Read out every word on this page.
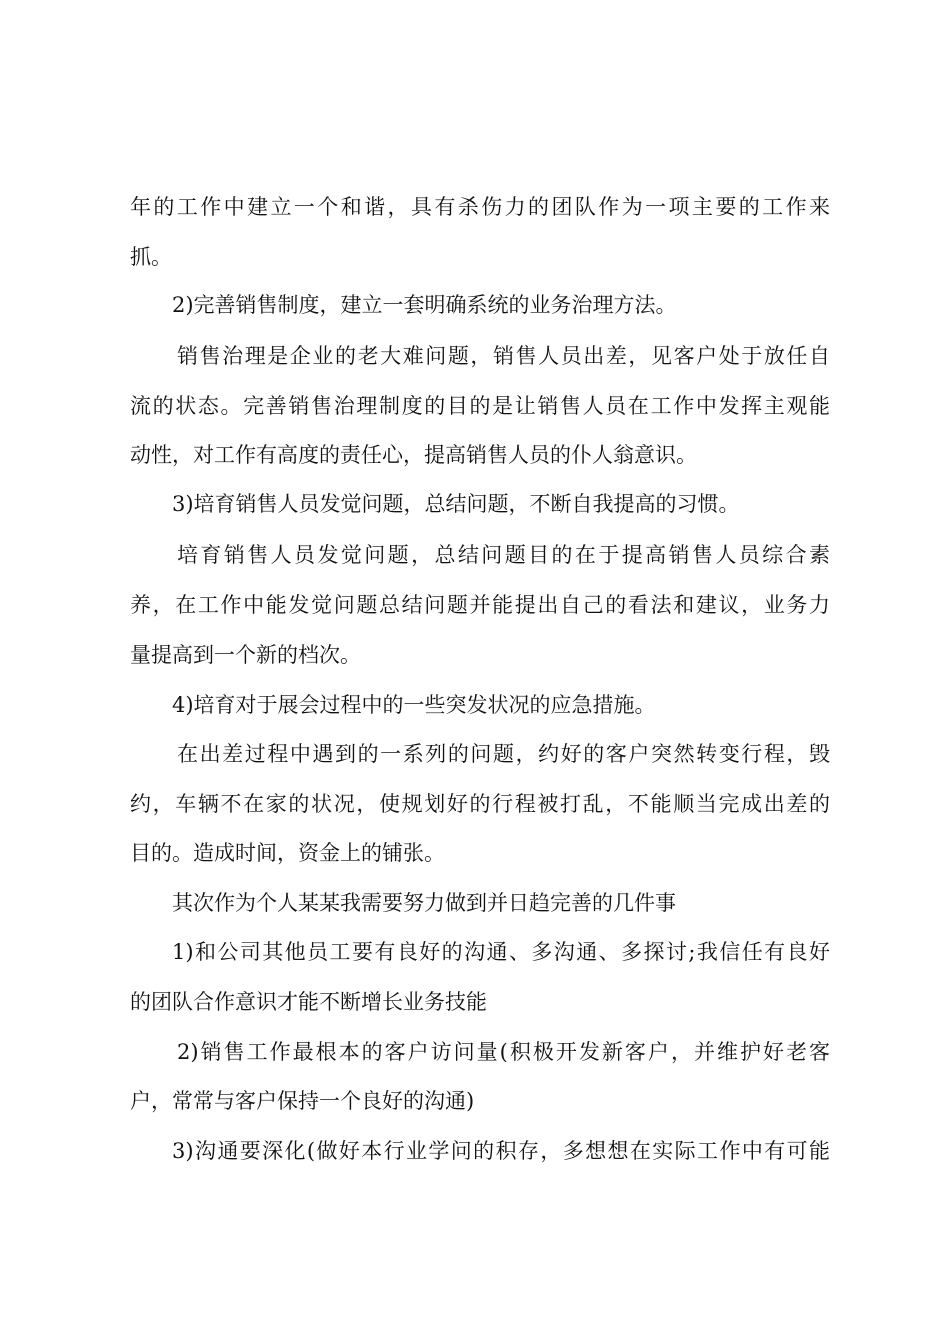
年的工作中建立一个和谐，具有杀伤力的团队作为一项主要的工作来
抓。
2)完善销售制度，建立一套明确系统的业务治理方法。
销售治理是企业的老大难问题，销售人员出差，见客户处于放任自
流的状态。完善销售治理制度的目的是让销售人员在工作中发挥主观能
动性，对工作有高度的责任心，提高销售人员的仆人翁意识。
3)培育销售人员发觉问题，总结问题，不断自我提高的习惯。
培育销售人员发觉问题，总结问题目的在于提高销售人员综合素
养，在工作中能发觉问题总结问题并能提出自己的看法和建议，业务力
量提高到一个新的档次。
4)培育对于展会过程中的一些突发状况的应急措施。
在出差过程中遇到的一系列的问题，约好的客户突然转变行程，毁
约，车辆不在家的状况，使规划好的行程被打乱，不能顺当完成出差的
目的。造成时间，资金上的铺张。
其次作为个人某某我需要努力做到并日趋完善的几件事
1)和公司其他员工要有良好的沟通、多沟通、多探讨;我信任有良好
的团队合作意识才能不断增长业务技能
2)销售工作最根本的客户访问量(积极开发新客户，并维护好老客
户，常常与客户保持一个良好的沟通)
3)沟通要深化(做好本行业学问的积存，多想想在实际工作中有可能
